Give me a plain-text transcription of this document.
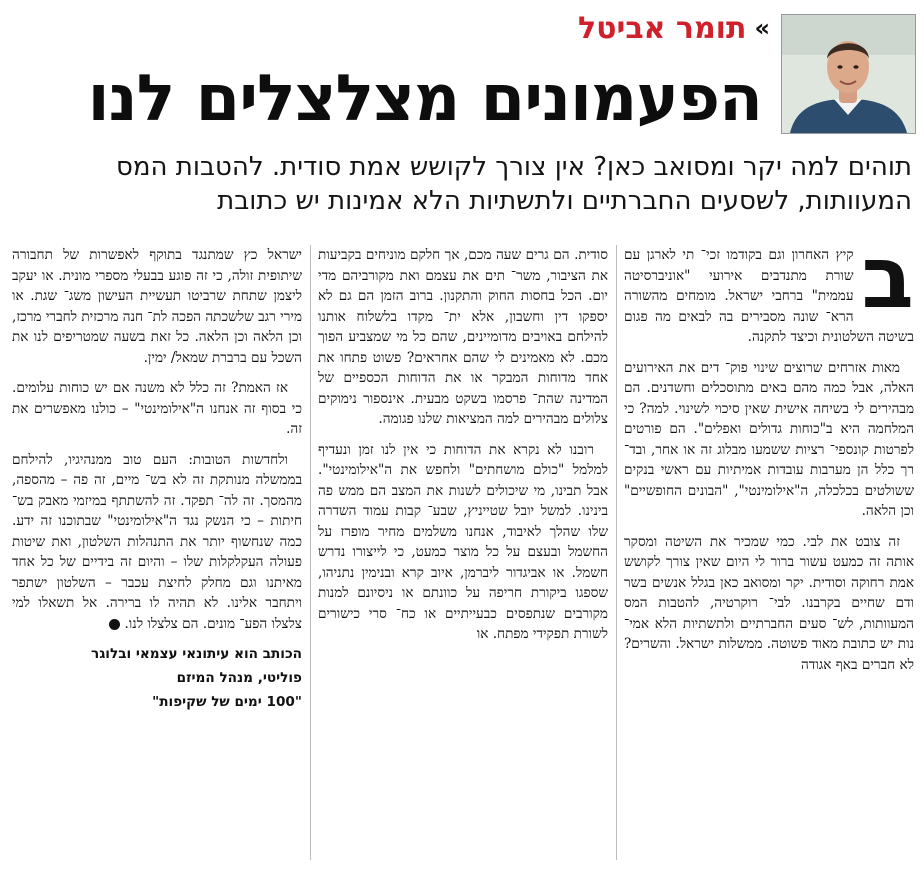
»
תומר אביטל
הפעמונים מצלצלים לנו
תוהים למה יקר ומסואב כאן? אין צורך לקושש אמת סודית. להטבות המס המעוותות, לשסעים החברתיים ולתשתיות הלא אמינות יש כתובת

ב
קיץ האחרון וגם בקודמו זכי־ תי לארגן עם שורת מתנדבים אירועי "אוניברסיטה עממית" ברחבי ישראל. מומחים מהשורה הרא־ שונה מסבירים בה לבאים מה פגום בשיטה השלטונית וכיצד לתקנה.

מאות אזרחים שרוצים שינוי פוק־ דים את האירועים האלה, אבל כמה מהם באים מתוסכלים וחשדנים. הם מבהירים לי בשיחה אישית שאין סיכוי לשינוי. למה? כי המלחמה היא ב"כוחות גדולים ואפלים". הם פורטים לפרטות קונספי־ רציות ששמעו מבלוג זה או אחר, ובד־ רך כלל הן מערבות עובדות אמיתיות עם ראשי בנקים ששולטים בכלכלה, ה"אילומינטי", "הבונים החופשיים" וכן הלאה.

זה צובט את לבי. כמי שמכיר את השיטה ומסקר אותה זה כמעט עשור ברור לי היום שאין צורך לקושש אמת רחוקה וסודית. יקר ומסואב כאן בגלל אנשים בשר ודם שחיים בקרבנו. לבי־ רוקרטיה, להטבות המס המעוותות, לש־ סעים החברתיים ולתשתיות הלא אמי־ נות יש כתובת מאוד פשוטה. ממשלות ישראל. והשרים? לא חברים באף אגודה

סודית. הם גרים שעה מכם, אך חלקם מוניחים בקביעות את הציבור, משר־ תים את עצמם ואת מקורביהם מדי יום. הכל בחסות החוק והתקנון. ברוב הזמן הם גם לא יספקו דין וחשבון, אלא ית־ מקדו בלשלוח אותנו להילחם באויבים מדומיינים, שהם כל מי שמצביע הפוך מכם. לא מאמינים לי שהם אחראים? פשוט פתחו את אחד מדוחות המבקר או את הדוחות הכספיים של המדינה שהת־ פרסמו בשקט מבעית. אינספור נימוקים צלולים מבהירים למה המציאות שלנו פגומה.

רובנו לא נקרא את הדוחות כי אין לנו זמן ונעדיף למלמל "כולם מושחתים" ולחפש את ה"אילומינטי". אבל תבינו, מי שיכולים לשנות את המצב הם ממש פה בינינו. למשל יובל שטייניץ, שבע־ קבות עמוד השדרה שלו שהלך לאיבוד, אנחנו משלמים מחיר מופרז על החשמל ובעצם על כל מוצר כמעט, כי לייצורו נדרש חשמל. או אביגדור ליברמן, איוב קרא ובנימין נתניהו, שספגו ביקורת חריפה על כוונתם או ניסיונם למנות מקורבים שנתפסים כבעייתיים או כח־ סרי כישורים לשורת תפקידי מפתח. או

ישראל כץ שמתנגד בתוקף לאפשרות של תחבורה שיתופית זולה, כי זה פוגע בבעלי מספרי מונית. או יעקב ליצמן שתחת שרביטו תעשיית העישון משג־ שגת. או מירי רגב שלשכתה הפכה לת־ חנה מרכזית לחברי מרכז, וכן הלאה וכן הלאה. כל זאת בשעה שמטריפים לנו את השכל עם ברברת שמאל/ ימין.

אז האמת? זה כלל לא משנה אם יש כוחות עלומים. כי בסוף זה אנחנו ה"אילומינטי" – כולנו מאפשרים את זה.

ולחדשות הטובות: העם טוב ממנהיגיו, להילחם בממשלה מנותקת זה לא בש־ מיים, זה פה – מהספה, מהמסך. זה לה־ תפקד. זה להשתתף במיזמי מאבק בש־ חיתות – כי הנשק נגד ה"אילומינטי" שבתוכנו זה ידע. כמה שנחשוף יותר את התנהלות השלטון, ואת שיטות פעולה העקלקלות שלו – והיום זה בידיים של כל אחד מאיתנו וגם מחלק לחיצת עכבר – השלטון ישתפר ויתחבר אלינו. לא תהיה לו ברירה. אל תשאלו למי צלצלו הפע־ מונים. הם צלצלו לנו.

הכותב הוא עיתונאי עצמאי ובלוגר
פוליטי, מנהל המיזם
"100 ימים של שקיפות"
